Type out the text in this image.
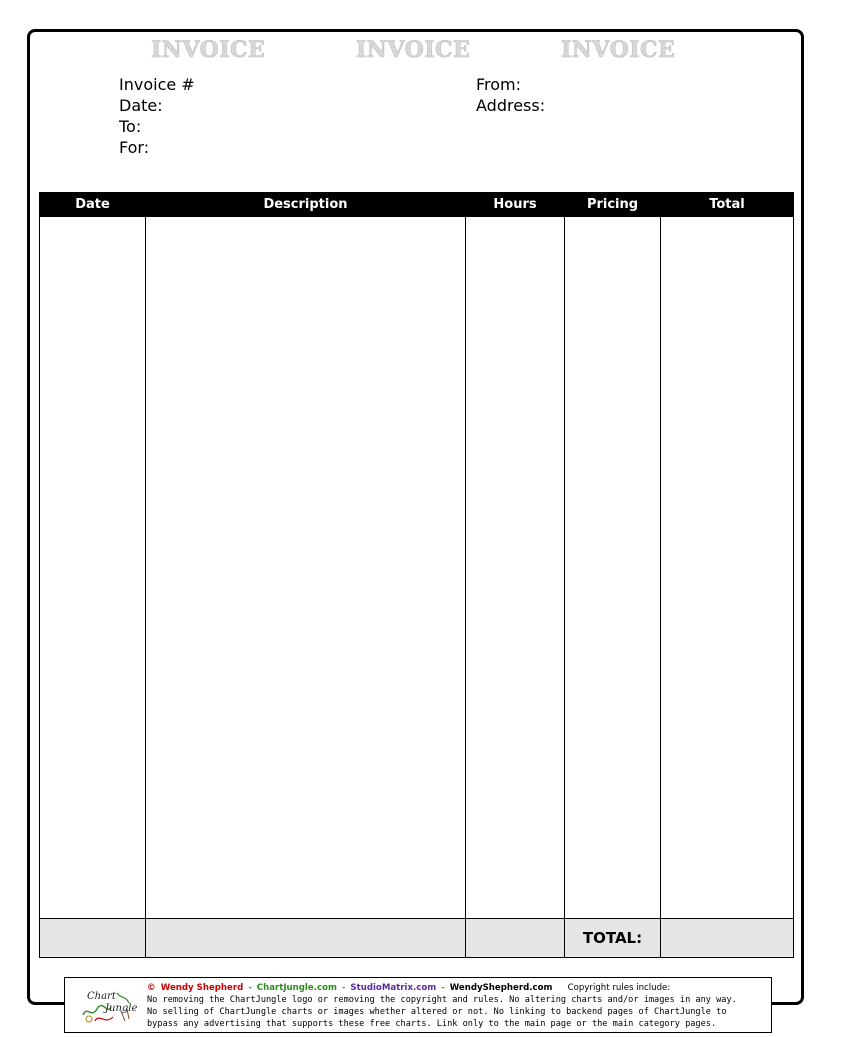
INVOICE	INVOICE	INVOICE
Invoice #
Date:
To:
For:
From:
Address:
Date	Description	Hours	Pricing	Total

			TOTAL:	
Chart
Jungle
© Wendy Shepherd - ChartJungle.com - StudioMatrix.com - WendyShepherd.com Copyright rules include:
No removing the ChartJungle logo or removing the copyright and rules. No altering charts and/or images in any way.
No selling of ChartJungle charts or images whether altered or not. No linking to backend pages of ChartJungle to
bypass any advertising that supports these free charts. Link only to the main page or the main category pages.
